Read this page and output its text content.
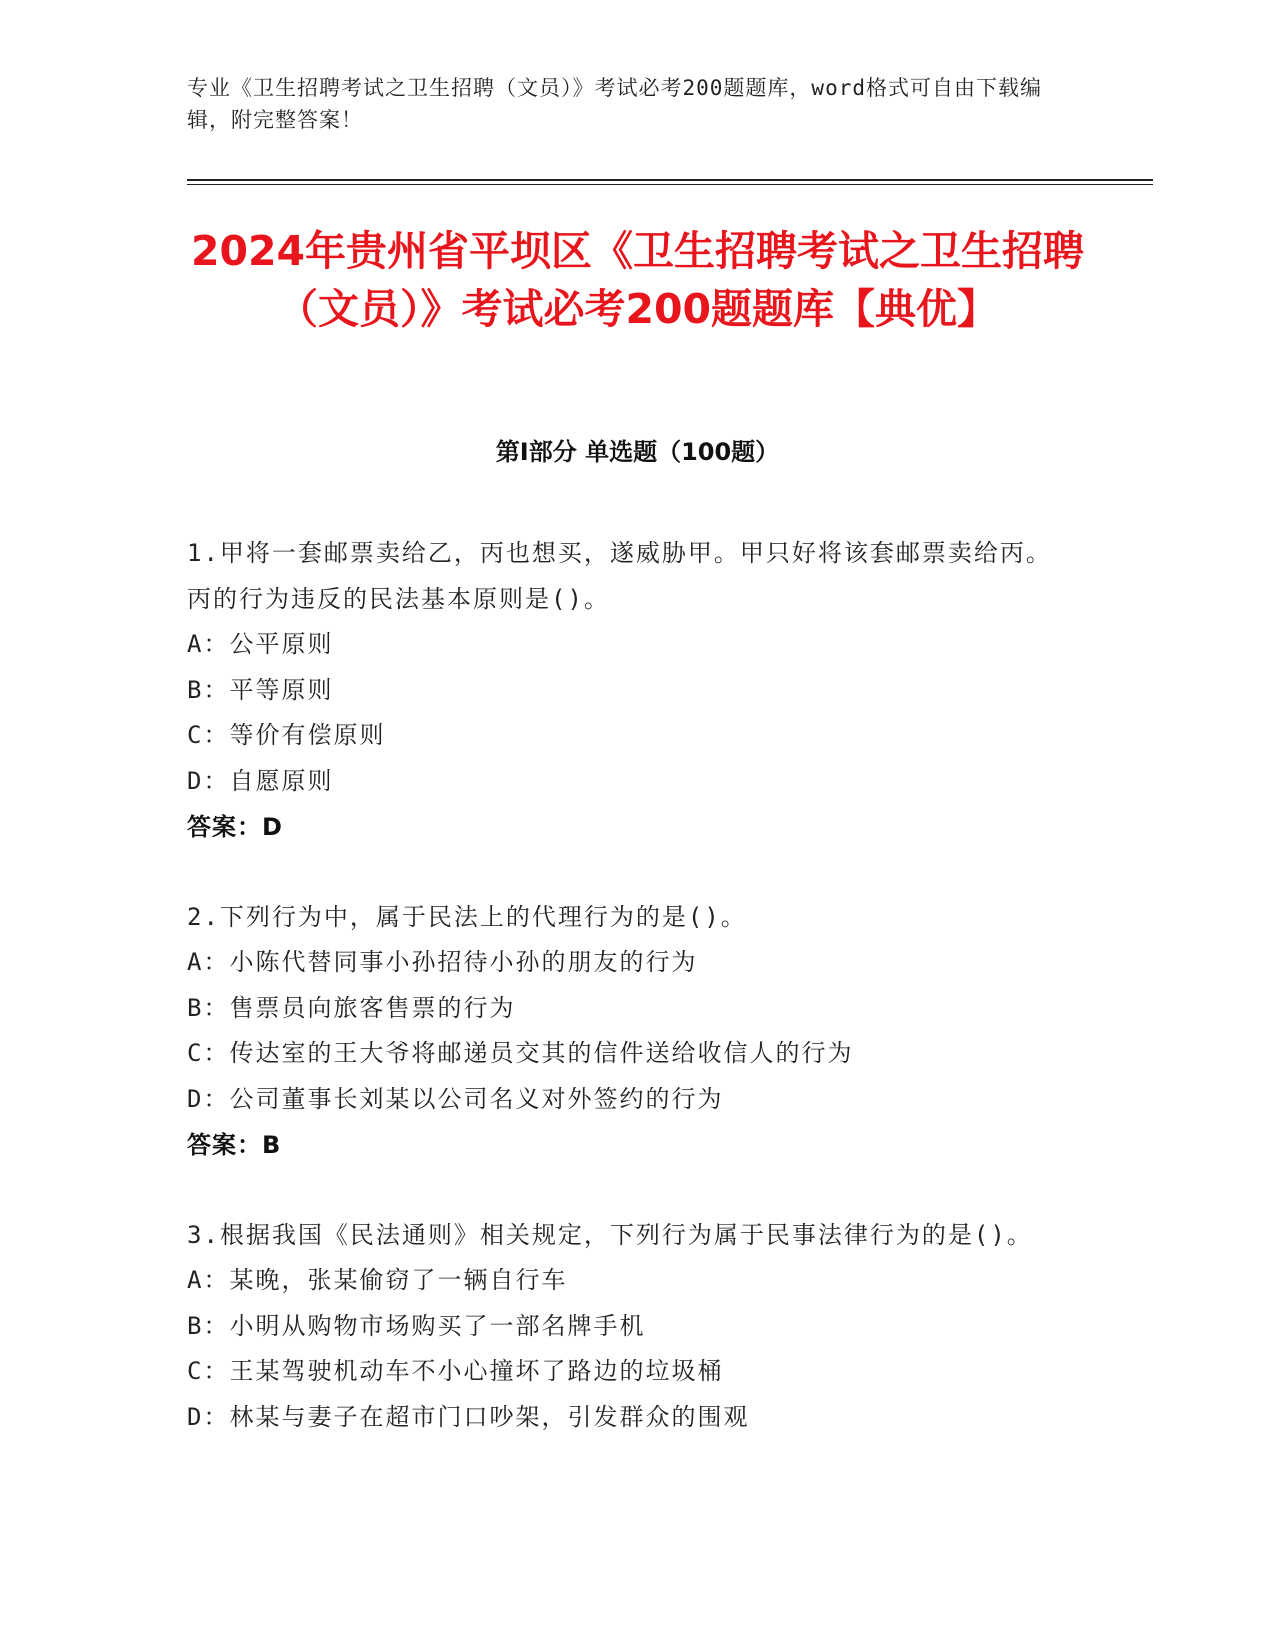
专业《卫生招聘考试之卫生招聘（文员）》考试必考200题题库，word格式可自由下载编辑，附完整答案！
2024年贵州省平坝区《卫生招聘考试之卫生招聘（文员）》考试必考200题题库【典优】
第Ⅰ部分 单选题（100题）
1.甲将一套邮票卖给乙，丙也想买，遂威胁甲。甲只好将该套邮票卖给丙。丙的行为违反的民法基本原则是()。
A：公平原则
B：平等原则
C：等价有偿原则
D：自愿原则
答案：D
2.下列行为中，属于民法上的代理行为的是()。
A：小陈代替同事小孙招待小孙的朋友的行为
B：售票员向旅客售票的行为
C：传达室的王大爷将邮递员交其的信件送给收信人的行为
D：公司董事长刘某以公司名义对外签约的行为
答案：B
3.根据我国《民法通则》相关规定，下列行为属于民事法律行为的是()。
A：某晚，张某偷窃了一辆自行车
B：小明从购物市场购买了一部名牌手机
C：王某驾驶机动车不小心撞坏了路边的垃圾桶
D：林某与妻子在超市门口吵架，引发群众的围观
